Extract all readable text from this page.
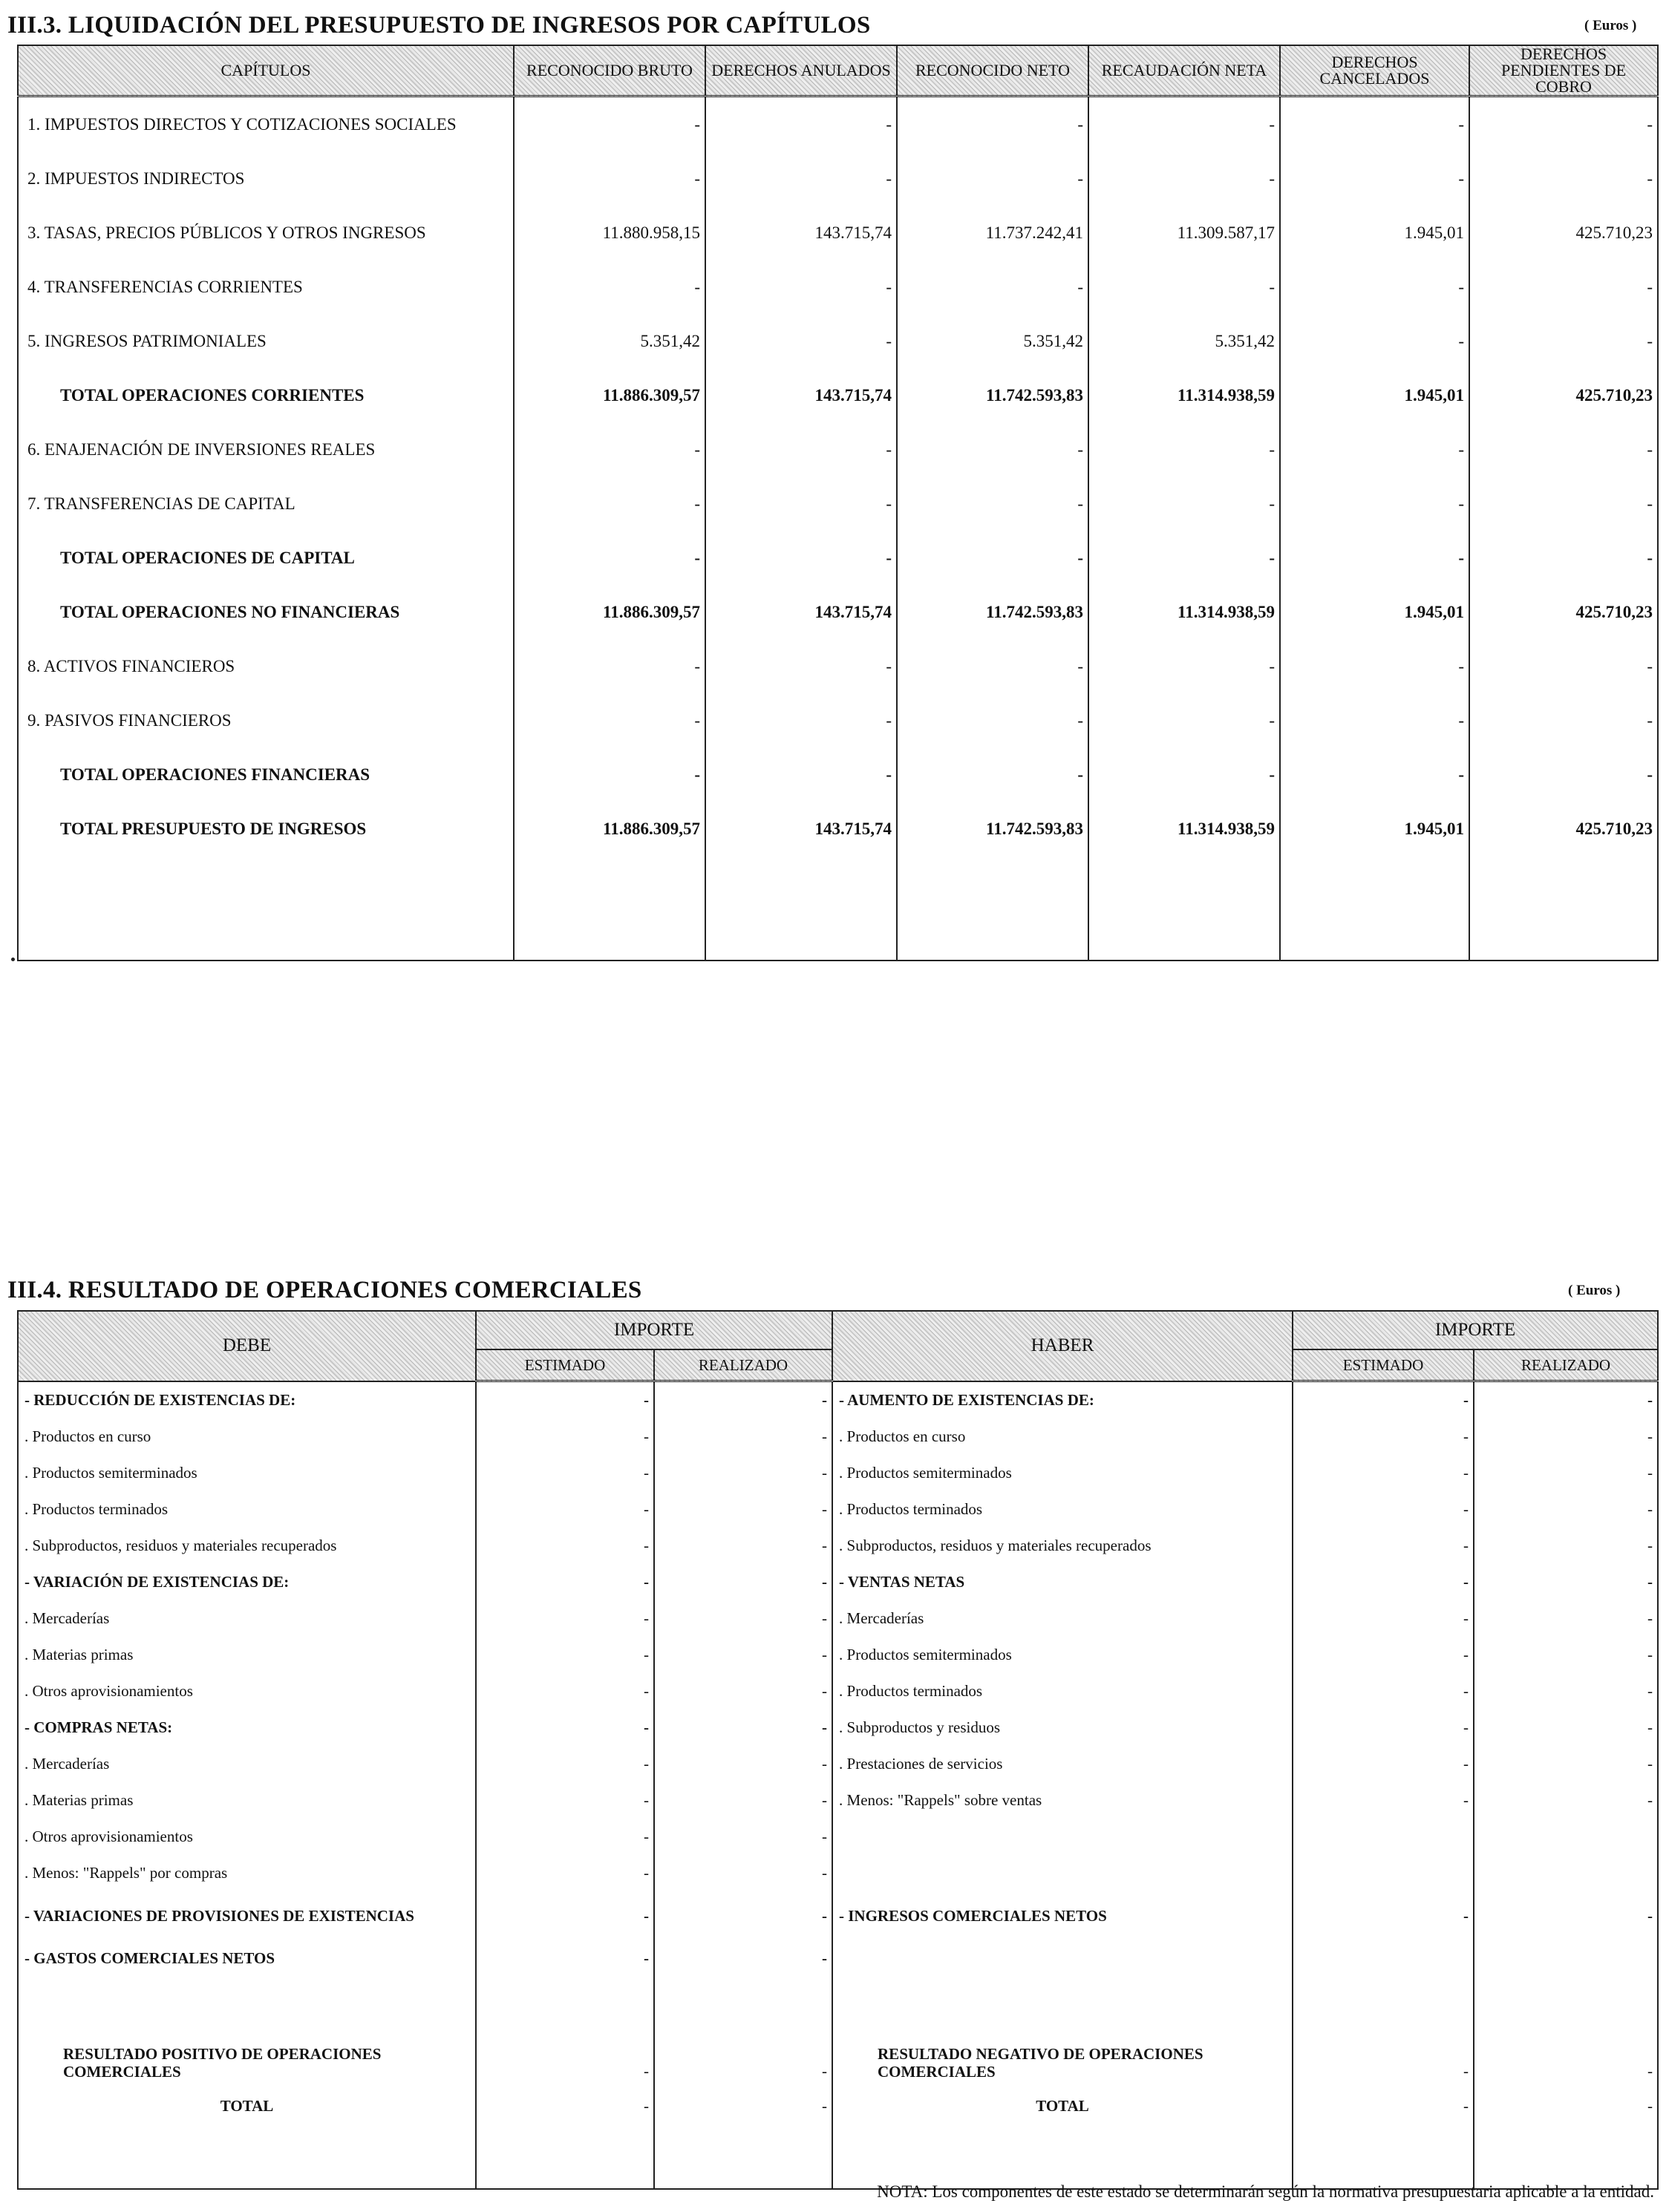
III.3. LIQUIDACIÓN DEL PRESUPUESTO DE INGRESOS POR CAPÍTULOS	( Euros )
CAPÍTULOS	RECONOCIDO BRUTO	DERECHOS ANULADOS	RECONOCIDO NETO	RECAUDACIÓN NETA	DERECHOS CANCELADOS	DERECHOS PENDIENTES DE COBRO
1. IMPUESTOS DIRECTOS Y COTIZACIONES SOCIALES	-	-	-	-	-	-
2. IMPUESTOS INDIRECTOS	-	-	-	-	-	-
3. TASAS, PRECIOS PÚBLICOS Y OTROS INGRESOS	11.880.958,15	143.715,74	11.737.242,41	11.309.587,17	1.945,01	425.710,23
4. TRANSFERENCIAS CORRIENTES	-	-	-	-	-	-
5. INGRESOS PATRIMONIALES	5.351,42	-	5.351,42	5.351,42	-	-
TOTAL OPERACIONES CORRIENTES	11.886.309,57	143.715,74	11.742.593,83	11.314.938,59	1.945,01	425.710,23
6. ENAJENACIÓN DE INVERSIONES REALES	-	-	-	-	-	-
7. TRANSFERENCIAS DE CAPITAL	-	-	-	-	-	-
TOTAL OPERACIONES DE CAPITAL	-	-	-	-	-	-
TOTAL OPERACIONES NO FINANCIERAS	11.886.309,57	143.715,74	11.742.593,83	11.314.938,59	1.945,01	425.710,23
8. ACTIVOS FINANCIEROS	-	-	-	-	-	-
9. PASIVOS FINANCIEROS	-	-	-	-	-	-
TOTAL OPERACIONES FINANCIERAS	-	-	-	-	-	-
TOTAL PRESUPUESTO DE INGRESOS	11.886.309,57	143.715,74	11.742.593,83	11.314.938,59	1.945,01	425.710,23

III.4. RESULTADO DE OPERACIONES COMERCIALES	( Euros )
DEBE	IMPORTE		HABER	IMPORTE	
	ESTIMADO	REALIZADO		ESTIMADO	REALIZADO
- REDUCCIÓN DE EXISTENCIAS DE:	-	-	- AUMENTO DE EXISTENCIAS DE:	-	-
. Productos en curso	-	-	. Productos en curso	-	-
. Productos semiterminados	-	-	. Productos semiterminados	-	-
. Productos terminados	-	-	. Productos terminados	-	-
. Subproductos, residuos y materiales recuperados	-	-	. Subproductos, residuos y materiales recuperados	-	-
- VARIACIÓN DE EXISTENCIAS DE:	-	-	- VENTAS NETAS	-	-
. Mercaderías	-	-	. Mercaderías	-	-
. Materias primas	-	-	. Productos semiterminados	-	-
. Otros aprovisionamientos	-	-	. Productos terminados	-	-
- COMPRAS NETAS:	-	-	. Subproductos y residuos	-	-
. Mercaderías	-	-	. Prestaciones de servicios	-	-
. Materias primas	-	-	. Menos: "Rappels" sobre ventas	-	-
. Otros aprovisionamientos	-	-			
. Menos: "Rappels" por compras	-	-			
- VARIACIONES DE PROVISIONES DE EXISTENCIAS	-	-	- INGRESOS COMERCIALES NETOS	-	-
- GASTOS COMERCIALES NETOS	-	-			
RESULTADO POSITIVO DE OPERACIONES COMERCIALES	-	-	RESULTADO NEGATIVO DE OPERACIONES COMERCIALES	-	-
TOTAL	-	-	TOTAL	-	-

NOTA: Los componentes de este estado se determinarán según la normativa presupuestaria aplicable a la entidad.
